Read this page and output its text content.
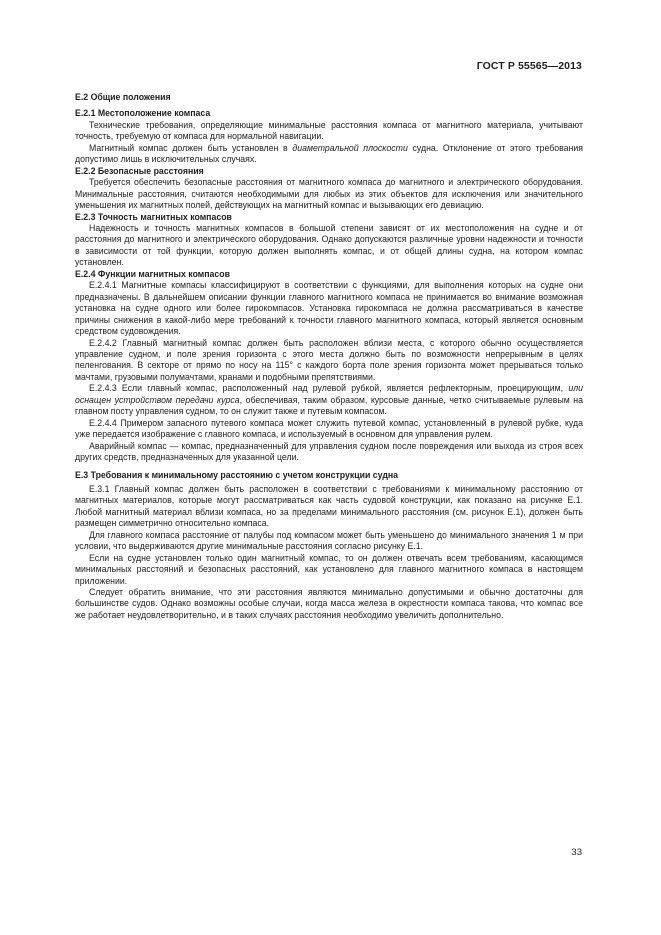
ГОСТ Р 55565—2013
Е.2 Общие положения
Е.2.1 Местоположение компаса

Технические требования, определяющие минимальные расстояния компаса от магнитного материала, учитывают точность, требуемую от компаса для нормальной навигации.

Магнитный компас должен быть установлен в диаметральной плоскости судна. Отклонение от этого требования допустимо лишь в исключительных случаях.

Е.2.2 Безопасные расстояния

Требуется обеспечить безопасные расстояния от магнитного компаса до магнитного и электрического оборудования. Минимальные расстояния, считаются необходимыми для любых из этих объектов для исключения или значительного уменьшения их магнитных полей, действующих на магнитный компас и вызывающих его девиацию.

Е.2.3 Точность магнитных компасов

Надежность и точность магнитных компасов в большой степени зависят от их местоположения на судне и от расстояния до магнитного и электрического оборудования. Однако допускаются различные уровни надежности и точности в зависимости от той функции, которую должен выполнять компас, и от общей длины судна, на котором компас установлен.

Е.2.4 Функции магнитных компасов

Е.2.4.1 Магнитные компасы классифицируют в соответствии с функциями, для выполнения которых на судне они предназначены. В дальнейшем описании функции главного магнитного компаса не принимается во внимание возможная установка на судне одного или более гирокомпасов. Установка гирокомпаса не должна рассматриваться в качестве причины снижения в какой-либо мере требований к точности главного магнитного компаса, который является основным средством судовождения.

Е.2.4.2 Главный магнитный компас должен быть расположен вблизи места, с которого обычно осуществляется управление судном, и поле зрения горизонта с этого места должно быть по возможности непрерывным в целях пеленгования. В секторе от прямо по носу на 115° с каждого борта поле зрения горизонта может прерываться только мачтами, грузовыми полумачтами, кранами и подобными препятствиями.

Е.2.4.3 Если главный компас, расположенный над рулевой рубкой, является рефлекторным, проецирующим, или оснащен устройством передачи курса, обеспечивая, таким образом, курсовые данные, четко считываемые рулевым на главном посту управления судном, то он служит также и путевым компасом.

Е.2.4.4 Примером запасного путевого компаса может служить путевой компас, установленный в рулевой рубке, куда уже передается изображение с главного компаса, и используемый в основном для управления рулем.

Аварийный компас — компас, предназначенный для управления судном после повреждения или выхода из строя всех других средств, предназначенных для указанной цели.

Е.3 Требования к минимальному расстоянию с учетом конструкции судна

Е.3.1 Главный компас должен быть расположен в соответствии с требованиями к минимальному расстоянию от магнитных материалов, которые могут рассматриваться как часть судовой конструкции, как показано на рисунке Е.1. Любой магнитный материал вблизи компаса, но за пределами минимального расстояния (см. рисунок Е.1), должен быть размещен симметрично относительно компаса.

Для главного компаса расстояние от палубы под компасом может быть уменьшено до минимального значения 1 м при условии, что выдерживаются другие минимальные расстояния согласно рисунку Е.1.

Если на судне установлен только один магнитный компас, то он должен отвечать всем требованиям, касающимся минимальных расстояний и безопасных расстояний, как установлено для главного магнитного компаса в настоящем приложении.

Следует обратить внимание, что эти расстояния являются минимально допустимыми и обычно достаточны для большинстве судов. Однако возможны особые случаи, когда масса железа в окрестности компаса такова, что компас все же работает неудовлетворительно, и в таких случаях расстояния необходимо увеличить дополнительно.

33
